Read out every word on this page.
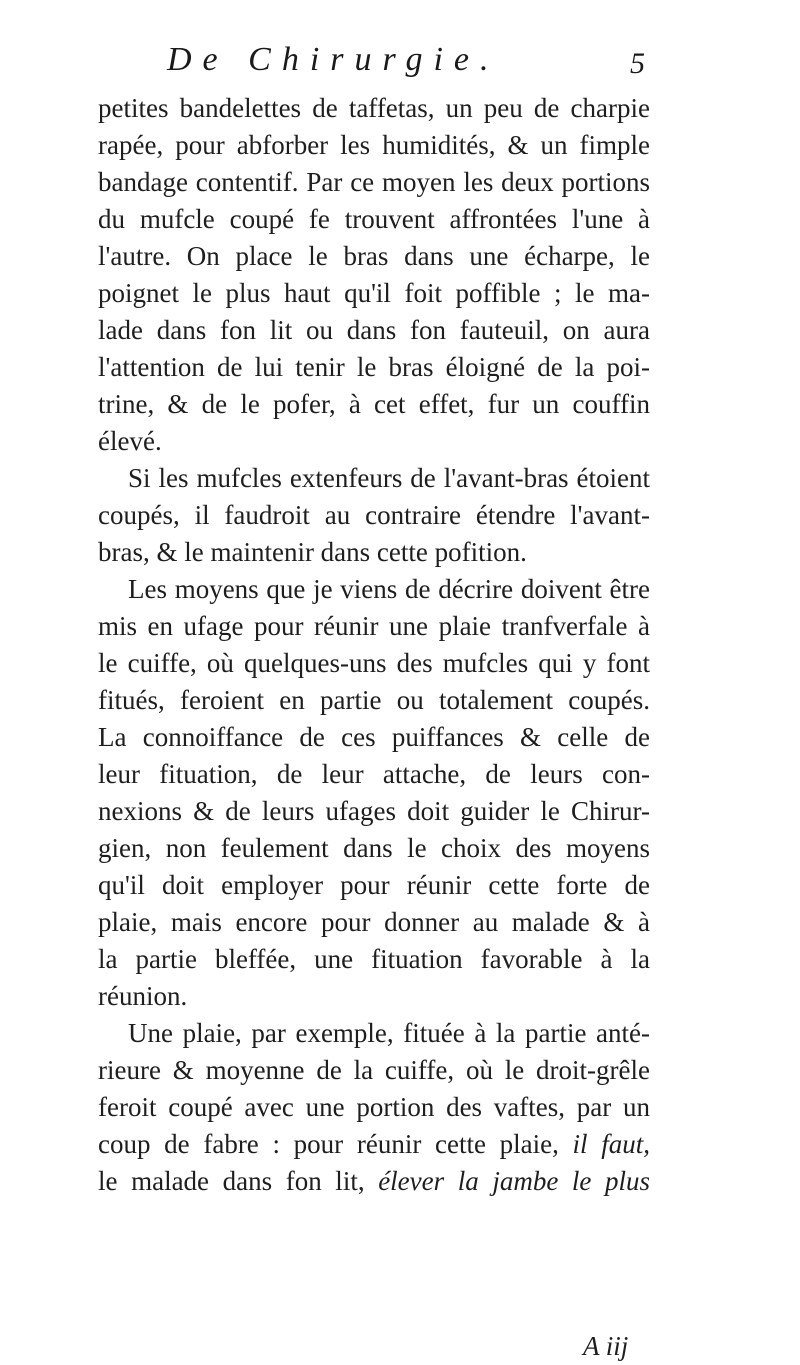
De Chirurgie.	5
petites bandelettes de taffetas, un peu de charpie
rapée, pour abforber les humidités, & un fimple
bandage contentif. Par ce moyen les deux portions
du mufcle coupé fe trouvent affrontées l'une à
l'autre. On place le bras dans une écharpe, le
poignet le plus haut qu'il foit poffible ; le ma-
lade dans fon lit ou dans fon fauteuil, on aura
l'attention de lui tenir le bras éloigné de la poi-
trine, & de le pofer, à cet effet, fur un couffin
élevé.
Si les mufcles extenfeurs de l'avant-bras étoient
coupés, il faudroit au contraire étendre l'avant-
bras, & le maintenir dans cette pofition.
Les moyens que je viens de décrire doivent être
mis en ufage pour réunir une plaie tranfverfale à
le cuiffe, où quelques-uns des mufcles qui y font
fitués, feroient en partie ou totalement coupés.
La connoiffance de ces puiffances & celle de
leur fituation, de leur attache, de leurs con-
nexions & de leurs ufages doit guider le Chirur-
gien, non feulement dans le choix des moyens
qu'il doit employer pour réunir cette forte de
plaie, mais encore pour donner au malade & à
la partie bleffée, une fituation favorable à la
réunion.
Une plaie, par exemple, fituée à la partie anté-
rieure & moyenne de la cuiffe, où le droit-grêle
feroit coupé avec une portion des vaftes, par un
coup de fabre : pour réunir cette plaie, il faut,
le malade dans fon lit, élever la jambe le plus
A iij
